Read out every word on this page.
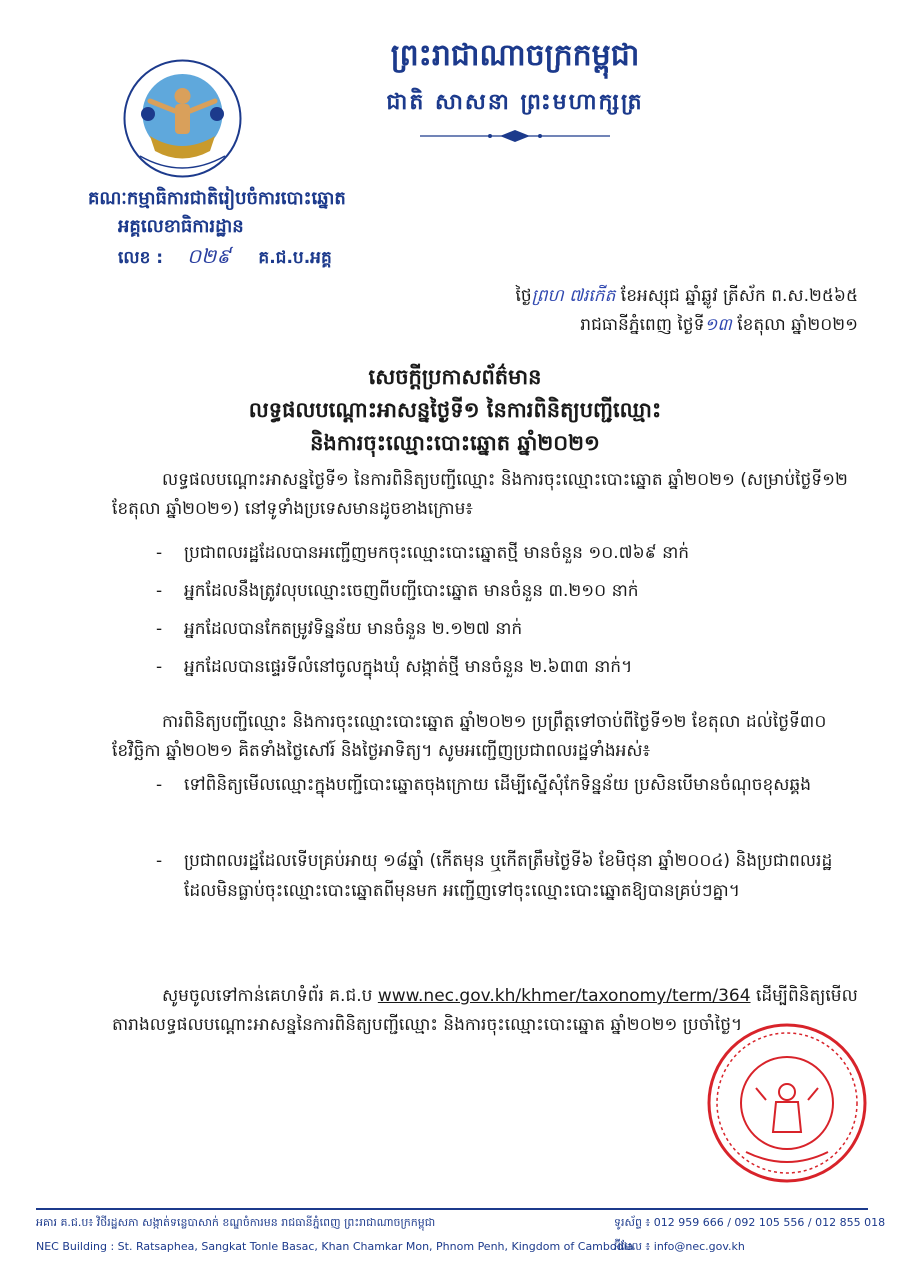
ព្រះរាជាណាចក្រកម្ពុជា
ជាតិ សាសនា ព្រះមហាក្សត្រ
គណៈកម្មាធិការជាតិរៀបចំការបោះឆ្នោត
អគ្គលេខាធិការដ្ឋាន
លេខ : ០២៩ គ.ជ.ប.អគ្គ
ថ្ងៃព្រហ ៧រកើត ខែអស្សុជ ឆ្នាំឆ្លូវ ត្រីស័ក ព.ស.២៥៦៥
រាជធានីភ្នំពេញ ថ្ងៃទី១៣ ខែតុលា ឆ្នាំ២០២១
សេចក្ដីប្រកាសព័ត៌មាន
លទ្ធផលបណ្ដោះអាសន្នថ្ងៃទី១ នៃការពិនិត្យបញ្ជីឈ្មោះ
និងការចុះឈ្មោះបោះឆ្នោត ឆ្នាំ២០២១
លទ្ធផលបណ្ដោះអាសន្នថ្ងៃទី១ នៃការពិនិត្យបញ្ជីឈ្មោះ និងការចុះឈ្មោះបោះឆ្នោត ឆ្នាំ២០២១ (សម្រាប់ថ្ងៃទី១២ ខែតុលា ឆ្នាំ២០២១) នៅទូទាំងប្រទេសមានដូចខាងក្រោម៖
-	ប្រជាពលរដ្ឋដែលបានអញ្ជើញមកចុះឈ្មោះបោះឆ្នោតថ្មី មានចំនួន ១០.៧៦៩ នាក់
-	អ្នកដែលនឹងត្រូវលុបឈ្មោះចេញពីបញ្ជីបោះឆ្នោត មានចំនួន ៣.២១០ នាក់
-	អ្នកដែលបានកែតម្រូវទិន្នន័យ មានចំនួន ២.១២៧ នាក់
-	អ្នកដែលបានផ្ទេរទីលំនៅចូលក្នុងឃុំ សង្កាត់ថ្មី មានចំនួន ២.៦៣៣ នាក់។
ការពិនិត្យបញ្ជីឈ្មោះ និងការចុះឈ្មោះបោះឆ្នោត ឆ្នាំ២០២១ ប្រព្រឹត្តទៅចាប់ពីថ្ងៃទី១២ ខែតុលា ដល់ថ្ងៃទី៣០ ខែវិច្ឆិកា ឆ្នាំ២០២១ គិតទាំងថ្ងៃសៅរ៍ និងថ្ងៃអាទិត្យ។ សូមអញ្ជើញប្រជាពលរដ្ឋទាំងអស់៖
-	ទៅពិនិត្យមើលឈ្មោះក្នុងបញ្ជីបោះឆ្នោតចុងក្រោយ ដើម្បីស្នើសុំកែទិន្នន័យ ប្រសិនបើមានចំណុចខុសឆ្គង
-	ប្រជាពលរដ្ឋដែលទើបគ្រប់អាយុ ១៨ឆ្នាំ (កើតមុន ឬកើតត្រឹមថ្ងៃទី៦ ខែមិថុនា ឆ្នាំ២០០៤) និងប្រជាពលរដ្ឋដែលមិនធ្លាប់ចុះឈ្មោះបោះឆ្នោតពីមុនមក អញ្ជើញទៅចុះឈ្មោះបោះឆ្នោតឱ្យបានគ្រប់ៗគ្នា។
សូមចូលទៅកាន់គេហទំព័រ គ.ជ.ប www.nec.gov.kh/khmer/taxonomy/term/364 ដើម្បីពិនិត្យមើលតារាងលទ្ធផលបណ្ដោះអាសន្ននៃការពិនិត្យបញ្ជីឈ្មោះ និងការចុះឈ្មោះបោះឆ្នោត ឆ្នាំ២០២១ ប្រចាំថ្ងៃ។
អគារ គ.ជ.ប៖ វិថីរដ្ឋសភា សង្កាត់ទន្លេបាសាក់ ខណ្ឌចំការមន រាជធានីភ្នំពេញ ព្រះរាជាណាចក្រកម្ពុជា
NEC Building : St. Ratsaphea, Sangkat Tonle Basac, Khan Chamkar Mon, Phnom Penh, Kingdom of Cambodia
ទូរស័ព្ទ ៖ 012 959 666 / 092 105 556 / 012 855 018
អ៊ីមែល ៖ info@nec.gov.kh
